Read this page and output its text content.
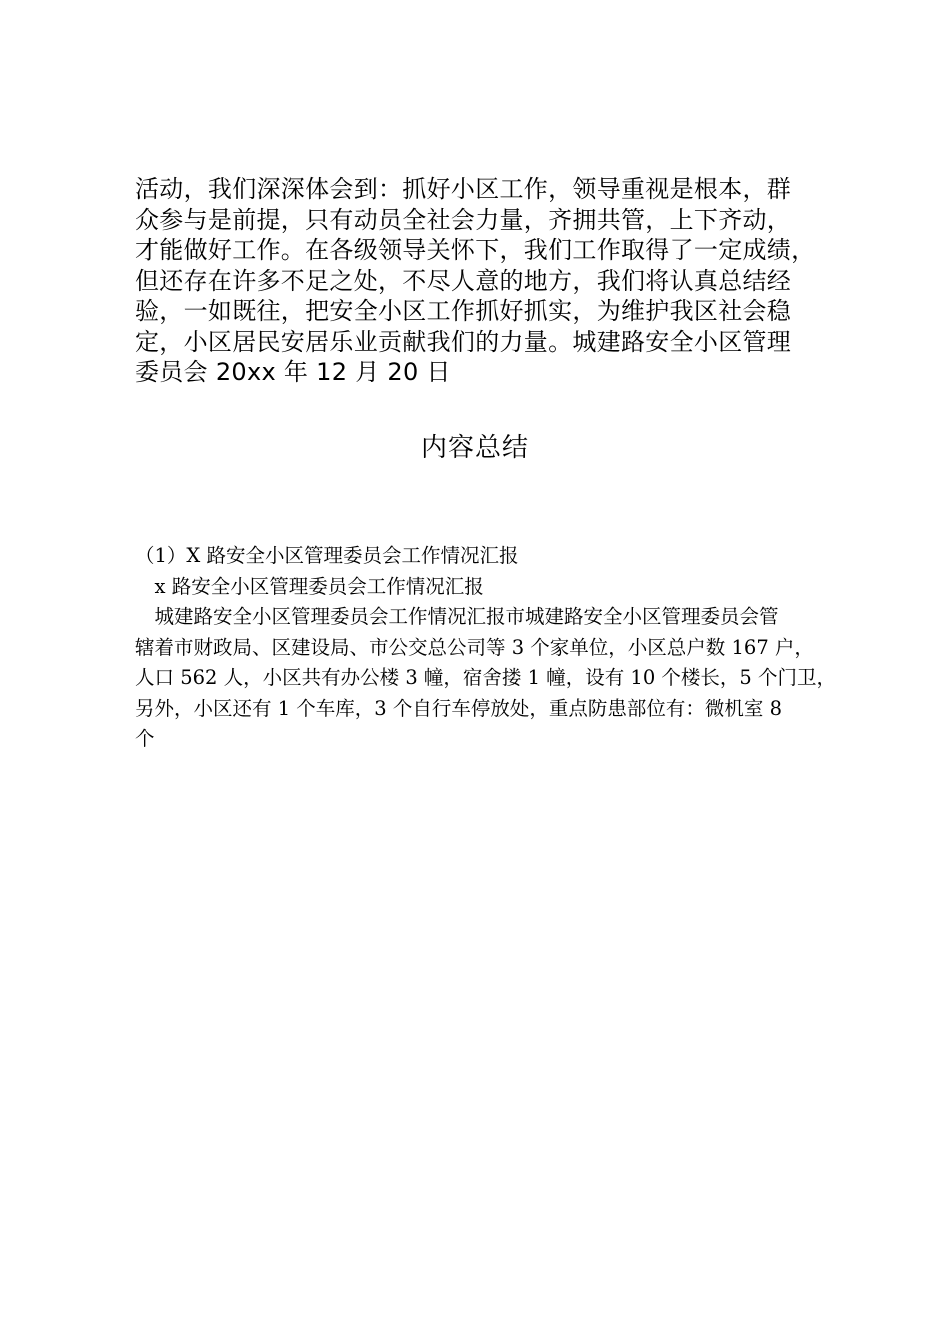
活动，我们深深体会到：抓好小区工作，领导重视是根本，群
众参与是前提，只有动员全社会力量，齐拥共管，上下齐动，
才能做好工作。在各级领导关怀下，我们工作取得了一定成绩，
但还存在许多不足之处，不尽人意的地方，我们将认真总结经
验，一如既往，把安全小区工作抓好抓实，为维护我区社会稳
定，小区居民安居乐业贡献我们的力量。城建路安全小区管理
委员会 20xx 年 12 月 20 日
内容总结
（1）X 路安全小区管理委员会工作情况汇报
　x 路安全小区管理委员会工作情况汇报
　城建路安全小区管理委员会工作情况汇报市城建路安全小区管理委员会管
辖着市财政局、区建设局、市公交总公司等 3 个家单位，小区总户数 167 户，
人口 562 人，小区共有办公楼 3 幢，宿舍搂 1 幢，设有 10 个楼长，5 个门卫，
另外，小区还有 1 个车库，3 个自行车停放处，重点防患部位有：微机室 8
个
